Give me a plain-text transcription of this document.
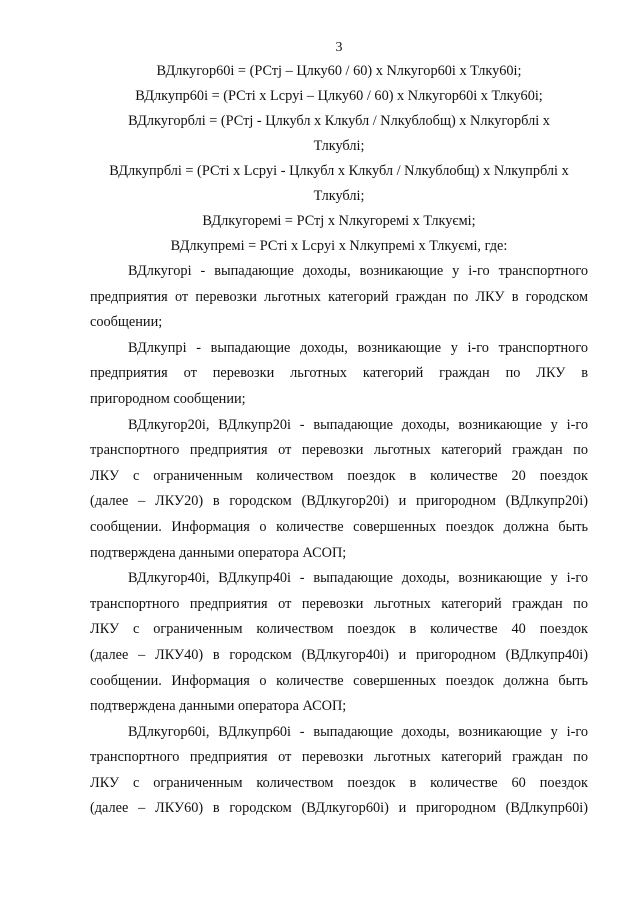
3
ВДлкугор60і = (РСтj – Цлку60 / 60) х Nлкугор60і х Тлку60і;
ВДлкупр60і = (РСті х Lсрyі – Цлку60 / 60) х Nлкугор60і х Тлку60і;
ВДлкугорблі = (РСтj - Цлкубл х Клкубл / Nлкублобщ) х Nлкугорблі х
Тлкублі;
ВДлкупрблі = (РСті х Lсрyі - Цлкубл х Клкубл / Nлкублобщ) х Nлкупрблі х
Тлкублі;
ВДлкугоремі = РСтj х Nлкугоремі х Тлкуємі;
ВДлкупремі = РСті х Lсрyі х Nлкупремі х Тлкуємі, где:
ВДлкугорі - выпадающие доходы, возникающие у і-го транспортного
предприятия от перевозки льготных категорий граждан по ЛКУ в городском
сообщении;
ВДлкупрі - выпадающие доходы, возникающие у і-го транспортного
предприятия от перевозки льготных категорий граждан по ЛКУ в
пригородном сообщении;
ВДлкугор20і, ВДлкупр20і - выпадающие доходы, возникающие у і-го
транспортного предприятия от перевозки льготных категорий граждан по
ЛКУ с ограниченным количеством поездок в количестве 20 поездок
(далее – ЛКУ20) в городском (ВДлкугор20і) и пригородном (ВДлкупр20і)
сообщении. Информация о количестве совершенных поездок должна быть
подтверждена данными оператора АСОП;
ВДлкугор40і, ВДлкупр40і - выпадающие доходы, возникающие у і-го
транспортного предприятия от перевозки льготных категорий граждан по
ЛКУ с ограниченным количеством поездок в количестве 40 поездок
(далее – ЛКУ40) в городском (ВДлкугор40і) и пригородном (ВДлкупр40і)
сообщении. Информация о количестве совершенных поездок должна быть
подтверждена данными оператора АСОП;
ВДлкугор60і, ВДлкупр60і - выпадающие доходы, возникающие у і-го
транспортного предприятия от перевозки льготных категорий граждан по
ЛКУ с ограниченным количеством поездок в количестве 60 поездок
(далее – ЛКУ60) в городском (ВДлкугор60і) и пригородном (ВДлкупр60і)
